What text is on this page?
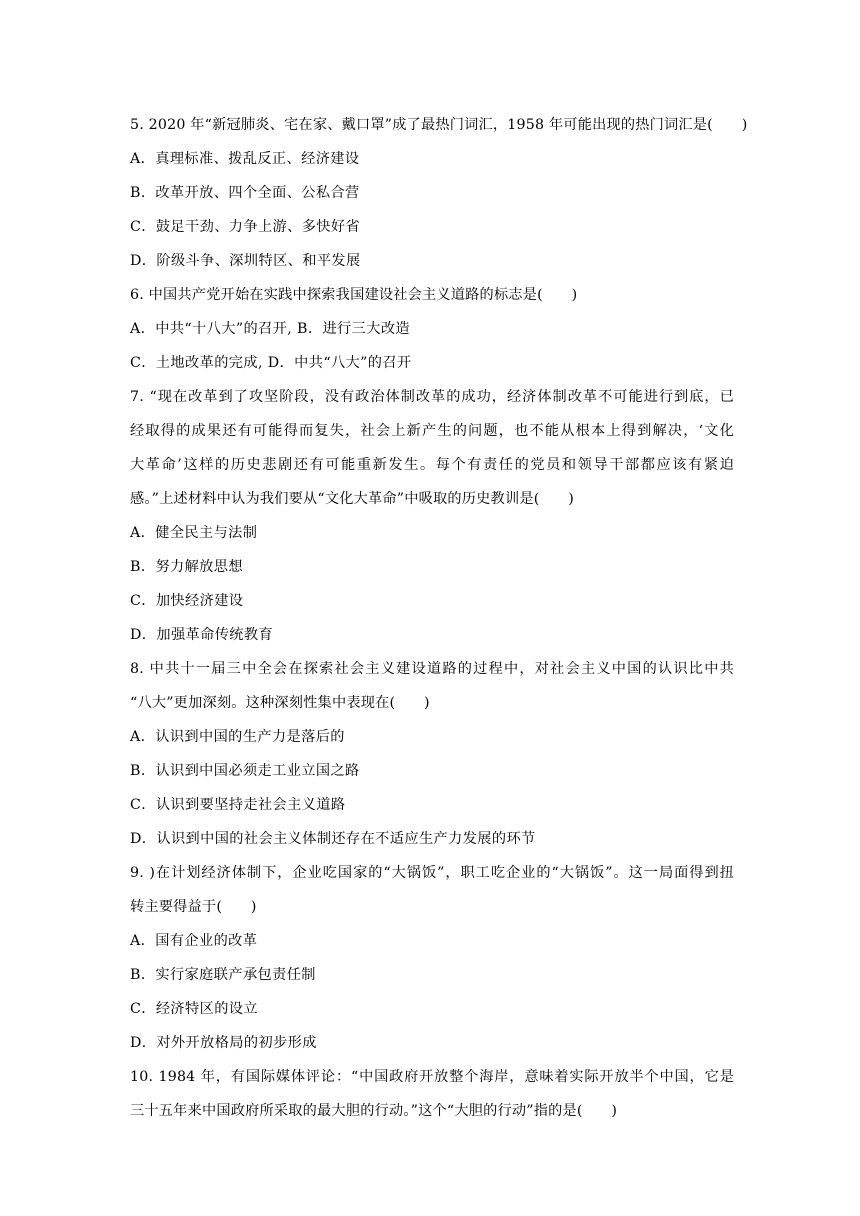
5. 2020 年“新冠肺炎、宅在家、戴口罩”成了最热门词汇，1958 年可能出现的热门词汇是(　　)
A．真理标准、拨乱反正、经济建设
B．改革开放、四个全面、公私合营
C．鼓足干劲、力争上游、多快好省
D．阶级斗争、深圳特区、和平发展
6. 中国共产党开始在实践中探索我国建设社会主义道路的标志是(　　)
A．中共“十八大”的召开, B．进行三大改造
C．土地改革的完成, D．中共“八大”的召开
7. “现在改革到了攻坚阶段，没有政治体制改革的成功，经济体制改革不可能进行到底，已
经取得的成果还有可能得而复失，社会上新产生的问题，也不能从根本上得到解决，‘文化
大革命’这样的历史悲剧还有可能重新发生。每个有责任的党员和领导干部都应该有紧迫
感。”上述材料中认为我们要从“文化大革命”中吸取的历史教训是(　　)
A．健全民主与法制
B．努力解放思想
C．加快经济建设
D．加强革命传统教育
8. 中共十一届三中全会在探索社会主义建设道路的过程中，对社会主义中国的认识比中共
“八大”更加深刻。这种深刻性集中表现在(　　)
A．认识到中国的生产力是落后的
B．认识到中国必须走工业立国之路
C．认识到要坚持走社会主义道路
D．认识到中国的社会主义体制还存在不适应生产力发展的环节
9. )在计划经济体制下，企业吃国家的“大锅饭”，职工吃企业的“大锅饭”。这一局面得到扭
转主要得益于(　　)
A．国有企业的改革
B．实行家庭联产承包责任制
C．经济特区的设立
D．对外开放格局的初步形成
10. 1984 年，有国际媒体评论：“中国政府开放整个海岸，意味着实际开放半个中国，它是
三十五年来中国政府所采取的最大胆的行动。”这个“大胆的行动”指的是(　　)
